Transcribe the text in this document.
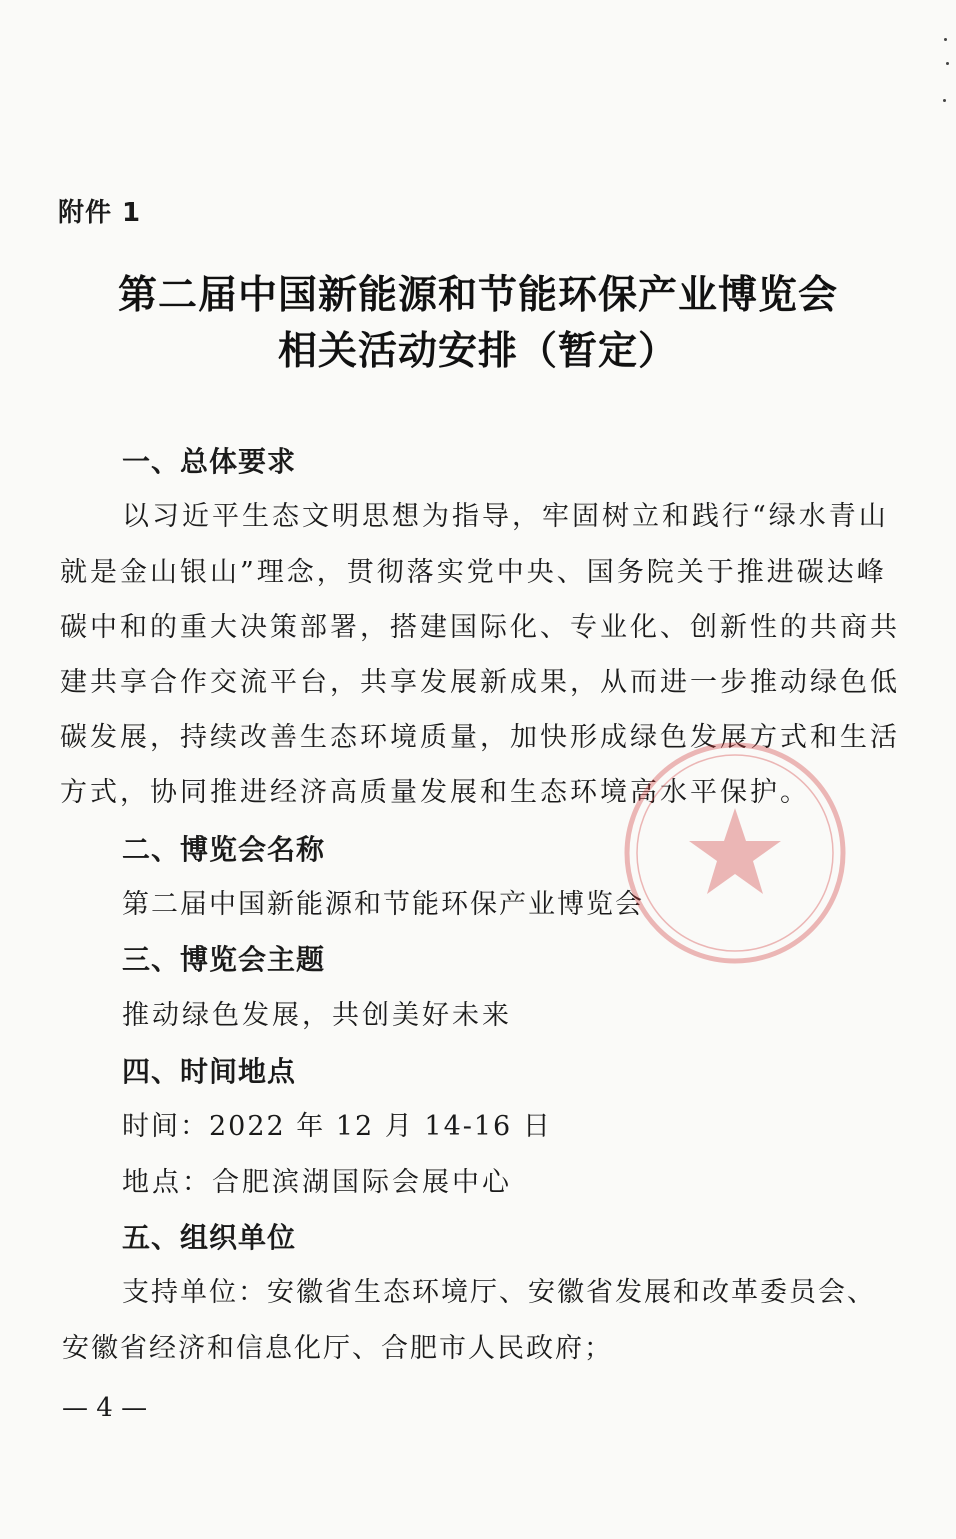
附件 1
第二届中国新能源和节能环保产业博览会
相关活动安排（暂定）
一、总体要求
以习近平生态文明思想为指导，牢固树立和践行“绿水青山
就是金山银山”理念，贯彻落实党中央、国务院关于推进碳达峰
碳中和的重大决策部署，搭建国际化、专业化、创新性的共商共
建共享合作交流平台，共享发展新成果，从而进一步推动绿色低
碳发展，持续改善生态环境质量，加快形成绿色发展方式和生活
方式，协同推进经济高质量发展和生态环境高水平保护。
二、博览会名称
第二届中国新能源和节能环保产业博览会
三、博览会主题
推动绿色发展，共创美好未来
四、时间地点
时间：2022 年 12 月 14-16 日
地点：合肥滨湖国际会展中心
五、组织单位
支持单位：安徽省生态环境厅、安徽省发展和改革委员会、
安徽省经济和信息化厅、合肥市人民政府；
— 4 —
